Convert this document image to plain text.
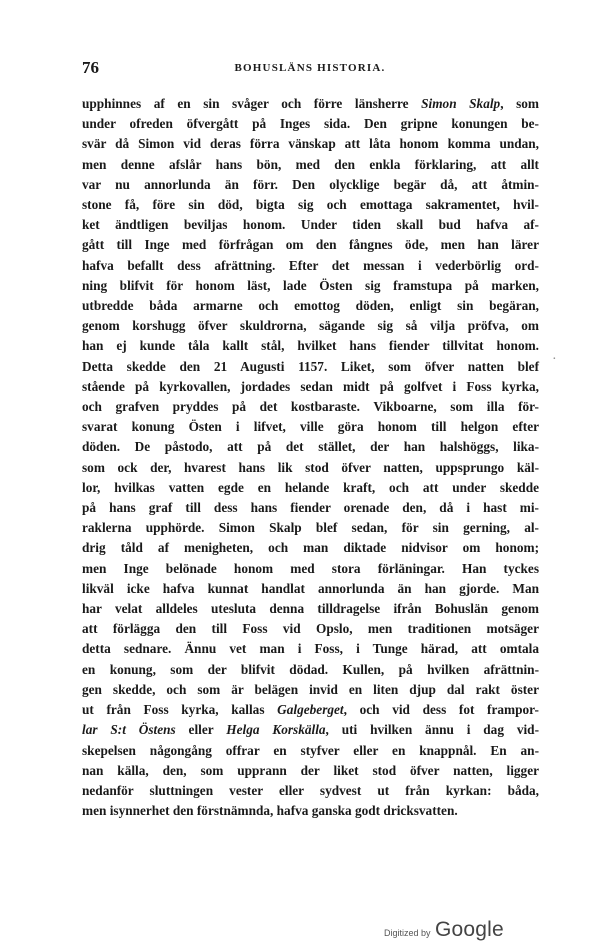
76	BOHUSLÄNS HISTORIA.
upphinnes af en sin svåger och förre länsherre Simon Skalp, som
under ofreden öfvergått på Inges sida. Den gripne konungen be-
svär då Simon vid deras förra vänskap att låta honom komma undan,
men denne afslår hans bön, med den enkla förklaring, att allt
var nu annorlunda än förr. Den olycklige begär då, att åtmin-
stone få, före sin död, bigta sig och emottaga sakramentet, hvil-
ket ändtligen beviljas honom. Under tiden skall bud hafva af-
gått till Inge med förfrågan om den fångnes öde, men han lärer
hafva befallt dess afrättning. Efter det messan i vederbörlig ord-
ning blifvit för honom läst, lade Östen sig framstupa på marken,
utbredde båda armarne och emottog döden, enligt sin begäran,
genom korshugg öfver skuldrorna, sägande sig så vilja pröfva, om
han ej kunde tåla kallt stål, hvilket hans fiender tillvitat honom.
Detta skedde den 21 Augusti 1157. Liket, som öfver natten blef
stående på kyrkovallen, jordades sedan midt på golfvet i Foss kyrka,
och grafven pryddes på det kostbaraste. Vikboarne, som illa för-
svarat konung Östen i lifvet, ville göra honom till helgon efter
döden. De påstodo, att på det stället, der han halshöggs, lika-
som ock der, hvarest hans lik stod öfver natten, uppsprungo käl-
lor, hvilkas vatten egde en helande kraft, och att under skedde
på hans graf till dess hans fiender orenade den, då i hast mi-
raklerna upphörde. Simon Skalp blef sedan, för sin gerning, al-
drig tåld af menigheten, och man diktade nidvisor om honom;
men Inge belönade honom med stora förläningar. Han tyckes
likväl icke hafva kunnat handlat annorlunda än han gjorde. Man
har velat alldeles utesluta denna tilldragelse ifrån Bohuslän genom
att förlägga den till Foss vid Opslo, men traditionen motsäger
detta sednare. Ännu vet man i Foss, i Tunge härad, att omtala
en konung, som der blifvit dödad. Kullen, på hvilken afrättnin-
gen skedde, och som är belägen invid en liten djup dal rakt öster
ut från Foss kyrka, kallas Galgeberget, och vid dess fot frampor-
lar S:t Östens eller Helga Korskälla, uti hvilken ännu i dag vid-
skepelsen någongång offrar en styfver eller en knappnål. En an-
nan källa, den, som upprann der liket stod öfver natten, ligger
nedanför sluttningen vester eller sydvest ut från kyrkan: båda,
men isynnerhet den förstnämnda, hafva ganska godt dricksvatten.
·
Digitized by Google
